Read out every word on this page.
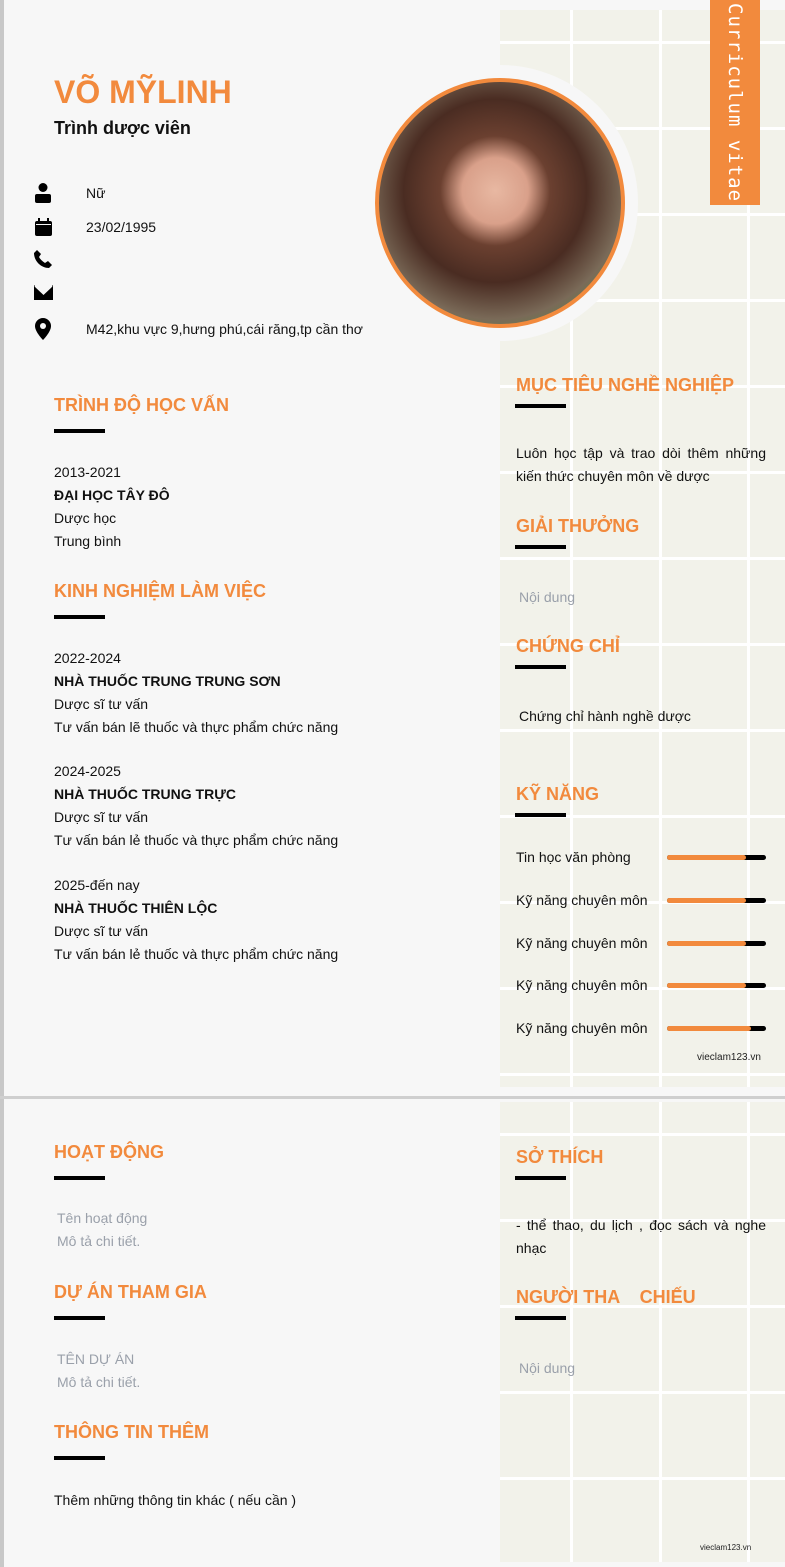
Curriculum vitae
VÕ MỸLINH
Trình dược viên
Nữ
23/02/1995
M42,khu vực 9,hưng phú,cái răng,tp cần thơ
TRÌNH ĐỘ HỌC VẤN
2013-2021
ĐẠI HỌC TÂY ĐÔ
Dược học
Trung bình
KINH NGHIỆM LÀM VIỆC
2022-2024
NHÀ THUỐC TRUNG TRUNG SƠN
Dược sĩ tư vấn
Tư vấn bán lẽ thuốc và thực phẩm chức năng
2024-2025
NHÀ THUỐC TRUNG TRỰC
Dược sĩ tư vấn
Tư vấn bán lẻ thuốc và thực phẩm chức năng
2025-đến nay
NHÀ THUỐC THIÊN LỘC
Dược sĩ tư vấn
Tư vấn bán lẻ thuốc và thực phẩm chức năng
MỤC TIÊU NGHỀ NGHIỆP
Luôn học tập và trao dòi thêm những kiến thức chuyên môn về dược
GIẢI THƯỞNG
Nội dung
CHỨNG CHỈ
Chứng chỉ hành nghề dược
KỸ NĂNG
Tin học văn phòng
Kỹ năng chuyên môn
Kỹ năng chuyên môn
Kỹ năng chuyên môn
Kỹ năng chuyên môn
vieclam123.vn
HOẠT ĐỘNG
Tên hoạt động
Mô tả chi tiết.
DỰ ÁN THAM GIA
TÊN DỰ ÁN
Mô tả chi tiết.
THÔNG TIN THÊM
Thêm những thông tin khác ( nếu cần )
SỞ THÍCH
- thể thao, du lịch , đọc sách và nghe nhạc
NGƯỜI THA    CHIẾU
Nội dung
vieclam123.vn
